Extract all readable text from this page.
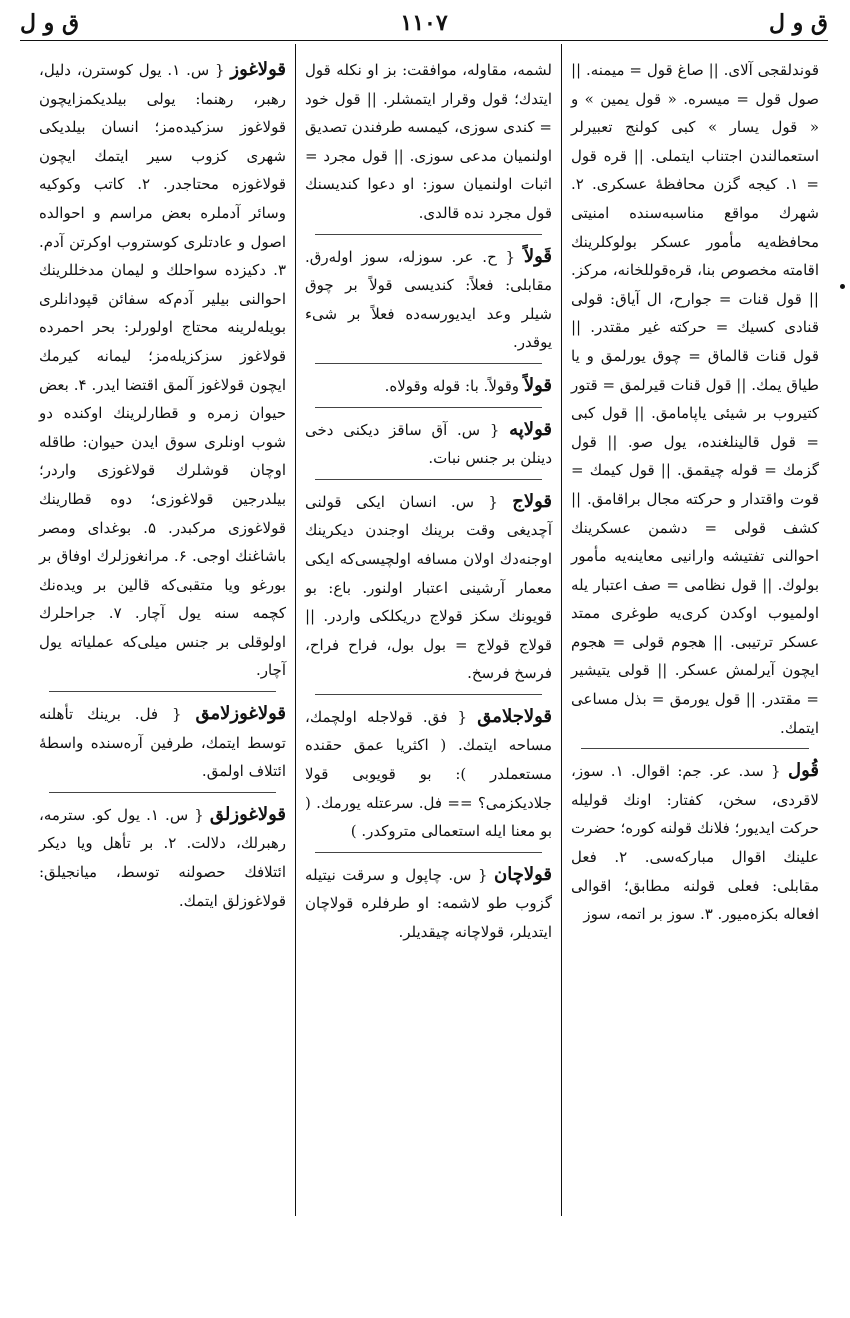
ق و ل
۱۱۰۷
ق و ل

قوندلقجی آلای. || صاغ قول = میمنه. || صول قول = میسره. « قول یمین » و « قول یسار » کبی کولنج تعبیرلر استعمالندن اجتناب ایتملی. || قره قول = ۱. کیجه گزن محافظهٔ عسکری. ۲. شهرك مواقع مناسبه‌سنده امنیتی محافظه‌یه مأمور عسکر بولوکلرینك اقامته مخصوص بنا، قره‌قوللخانه، مرکز. || قول قنات = جوارح، ال آیاق: قولی قنادی کسیك = حرکته غیر مقتدر. || قول قنات قالماق = چوق یورلمق و یا طیاق یمك. || قول قنات قیرلمق = قتور کتیروب بر شیئی یاپامامق. || قول کبی = قول قالینلغنده، یول صو. || قول گزمك = قوله چیقمق. || قول کیمك = قوت واقتدار و حرکته مجال براقامق. || کشف قولی = دشمن عسکرینك احوالنی تفتیشه وارانیی معاینه‌یه مأمور بولوك. || قول نظامی = صف اعتبار یله اولمیوب اوکدن کری‌یه طوغری ممتد عسکر ترتیبی. || هجوم قولی = هجوم ایچون آیرلمش عسکر. || قولی یتیشیر = مقتدر. || قول یورمق = بذل مساعی ایتمك.

قُول { سد. عر. جم: اقوال. ۱. سوز، لاقردی، سخن، کفتار: اونك قولیله حرکت ایدیور؛ فلانك قولنه کوره؛ حضرت علینك اقوال مبارکه‌سی. ۲. فعل مقابلی: فعلی قولنه مطابق؛ اقوالی افعاله بکزه‌میور. ۳. سوز بر اتمه، سوز

لشمه، مقاوله، موافقت: بز او نکله قول ایتدك؛ قول وقرار ایتمشلر. || قول خود = کندی سوزی، کیمسه طرفندن تصدیق اولنمیان مدعی سوزی. || قول مجرد = اثبات اولنمیان سوز: او دعوا کندیسنك قول مجرد نده قالدی.

قَولاً { ح. عر. سوزله، سوز اوله‌رق. مقابلی: فعلاً: کندیسی قولاً بر چوق شیلر وعد ایدیورسه‌ده فعلاً بر شیء یوقدر.

قولاً وقولاً. با: قوله وقولاه.

قولاپه { س. آق ساقز دیکنی دخی دینلن بر جنس نبات.

قولاج { س. انسان ایکی قولنی آچدیغی وقت برینك اوجندن دیکرینك اوجنه‌دك اولان مسافه اولچیسی‌که ایکی معمار آرشینی اعتبار اولنور. باع: بو قویونك سکز قولاج دریکلکی واردر. || قولاج قولاج = بول بول، فراح فراح، فرسخ فرسخ.

قولاجلامق { فق. قولاجله اولچمك، مساحه ایتمك. ( اکثریا عمق حقنده مستعملدر ): بو قویوبی قولا جلادیکزمی؟ == فل. سرعتله یورمك. ( بو معنا ایله استعمالی متروکدر. )

قولاچان { س. چاپول و سرقت نیتیله گزوب طو لاشمه: او طرفلره قولاچان ایتدیلر، قولاچانه چیقدیلر.

قولاغوز { س. ۱. یول کوسترن، دلیل، رهبر، رهنما: یولی بیلدیکمزایچون قولاغوز سزکیده‌مز؛ انسان بیلدیکی شهری کزوب سیر ایتمك ایچون قولاغوزه محتاجدر. ۲. کاتب وکوکیه وسائر آدملره بعض مراسم و احوالده اصول و عادتلری کوستروب اوکرتن آدم. ۳. دکیزده سواحلك و لیمان مدخللرینك احوالنی بیلیر آدم‌که سفائن قپودانلری بویله‌لرینه محتاج اولورلر: بحر احمرده قولاغوز سزکزیله‌مز؛ لیمانه کیرمك ایچون قولاغوز آلمق اقتضا ایدر. ۴. بعض حیوان زمره و قطارلرینك اوکنده دو شوب اونلری سوق ایدن حیوان: طاقله اوچان قوشلرك قولاغوزی واردر؛ بیلدرجین قولاغوزی؛ دوه قطارینك قولاغوزی مرکبدر. ۵. بوغدای ومصر باشاغنك اوجی. ۶. مرانغوزلرك اوفاق بر بورغو ویا متقبی‌که قالین بر ویده‌نك کچمه سنه یول آچار. ۷. جراحلرك اولوقلی بر جنس میلی‌که عملیاته یول آچار.

قولاغوزلامق { فل. برینك تأهلنه توسط ایتمك، طرفین آره‌سنده واسطهٔ ائتلاف اولمق.

قولاغوزلق { س. ۱. یول کو. سترمه، رهبرلك، دلالت. ۲. بر تأهل ویا دیکر ائتلافك حصولنه توسط، میانجیلق: قولاغوزلق ایتمك.
